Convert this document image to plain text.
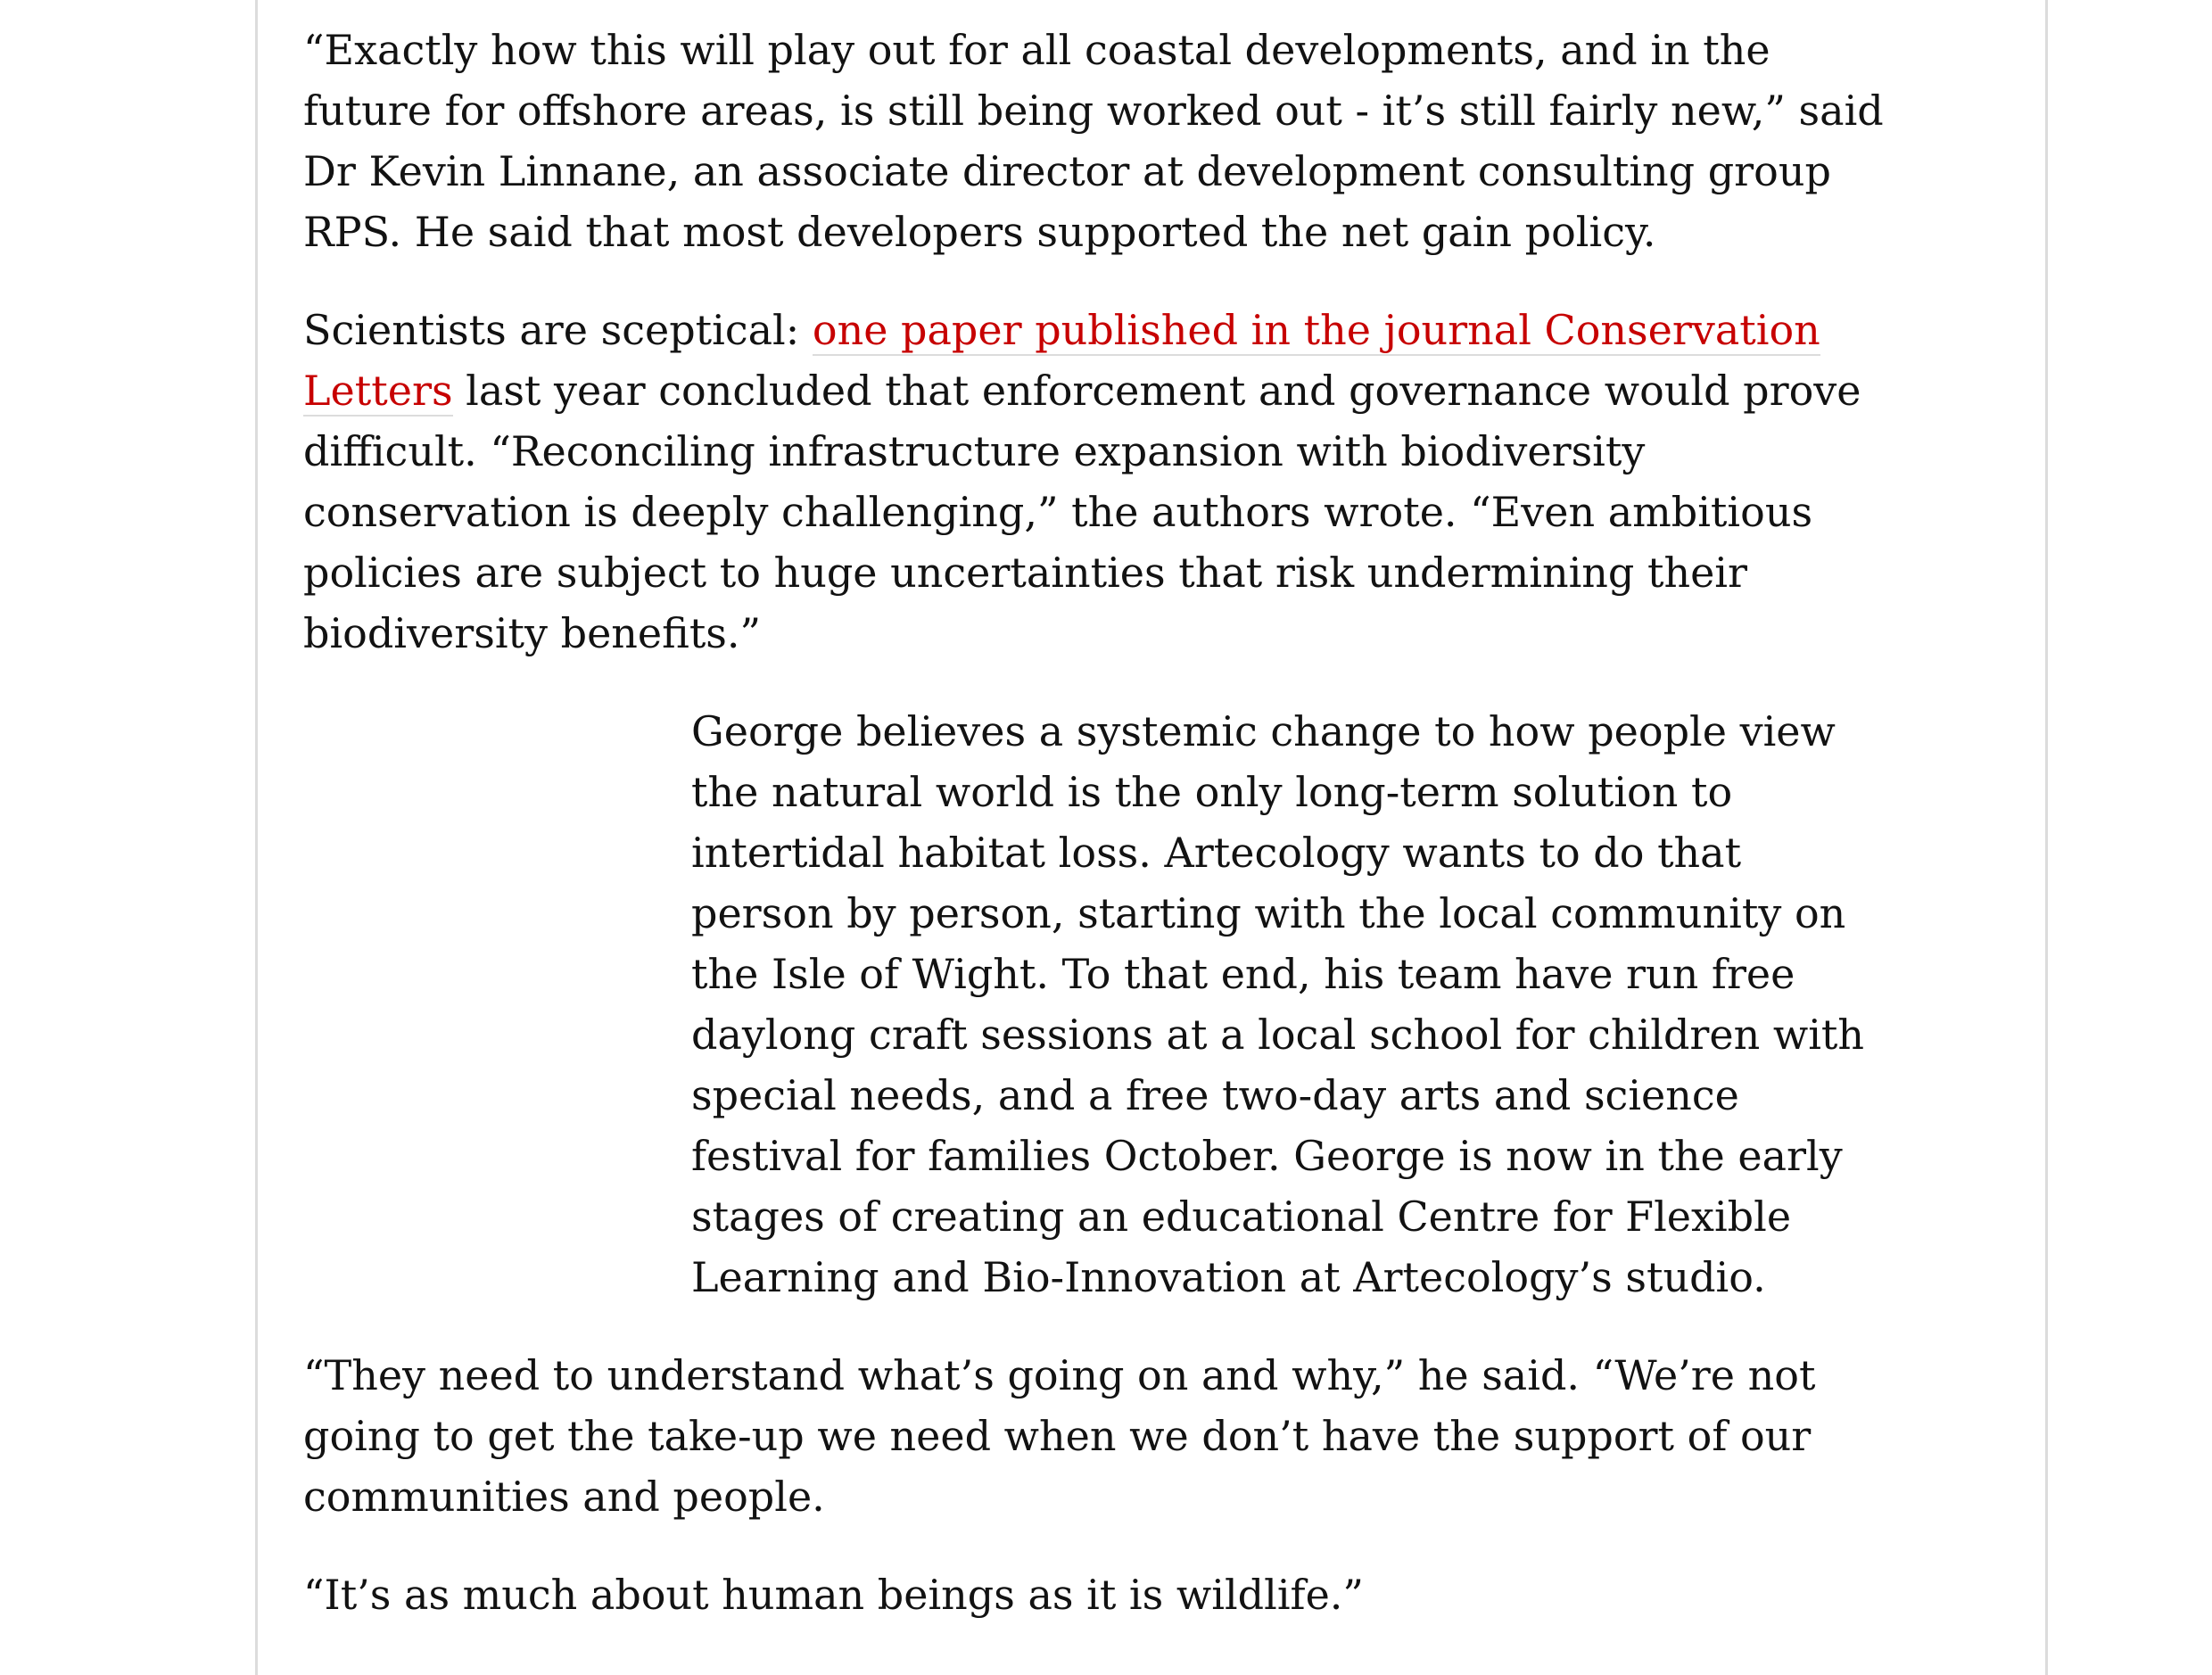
“Exactly how this will play out for all coastal developments, and in the
future for offshore areas, is still being worked out - it’s still fairly new,” said
Dr Kevin Linnane, an associate director at development consulting group
RPS. He said that most developers supported the net gain policy.

Scientists are sceptical: one paper published in the journal Conservation
Letters last year concluded that enforcement and governance would prove
difficult. “Reconciling infrastructure expansion with biodiversity
conservation is deeply challenging,” the authors wrote. “Even ambitious
policies are subject to huge uncertainties that risk undermining their
biodiversity benefits.”

George believes a systemic change to how people view
the natural world is the only long-term solution to
intertidal habitat loss. Artecology wants to do that
person by person, starting with the local community on
the Isle of Wight. To that end, his team have run free
daylong craft sessions at a local school for children with
special needs, and a free two-day arts and science
festival for families October. George is now in the early
stages of creating an educational Centre for Flexible
Learning and Bio-Innovation at Artecology’s studio.

“They need to understand what’s going on and why,” he said. “We’re not
going to get the take-up we need when we don’t have the support of our
communities and people.

“It’s as much about human beings as it is wildlife.”
